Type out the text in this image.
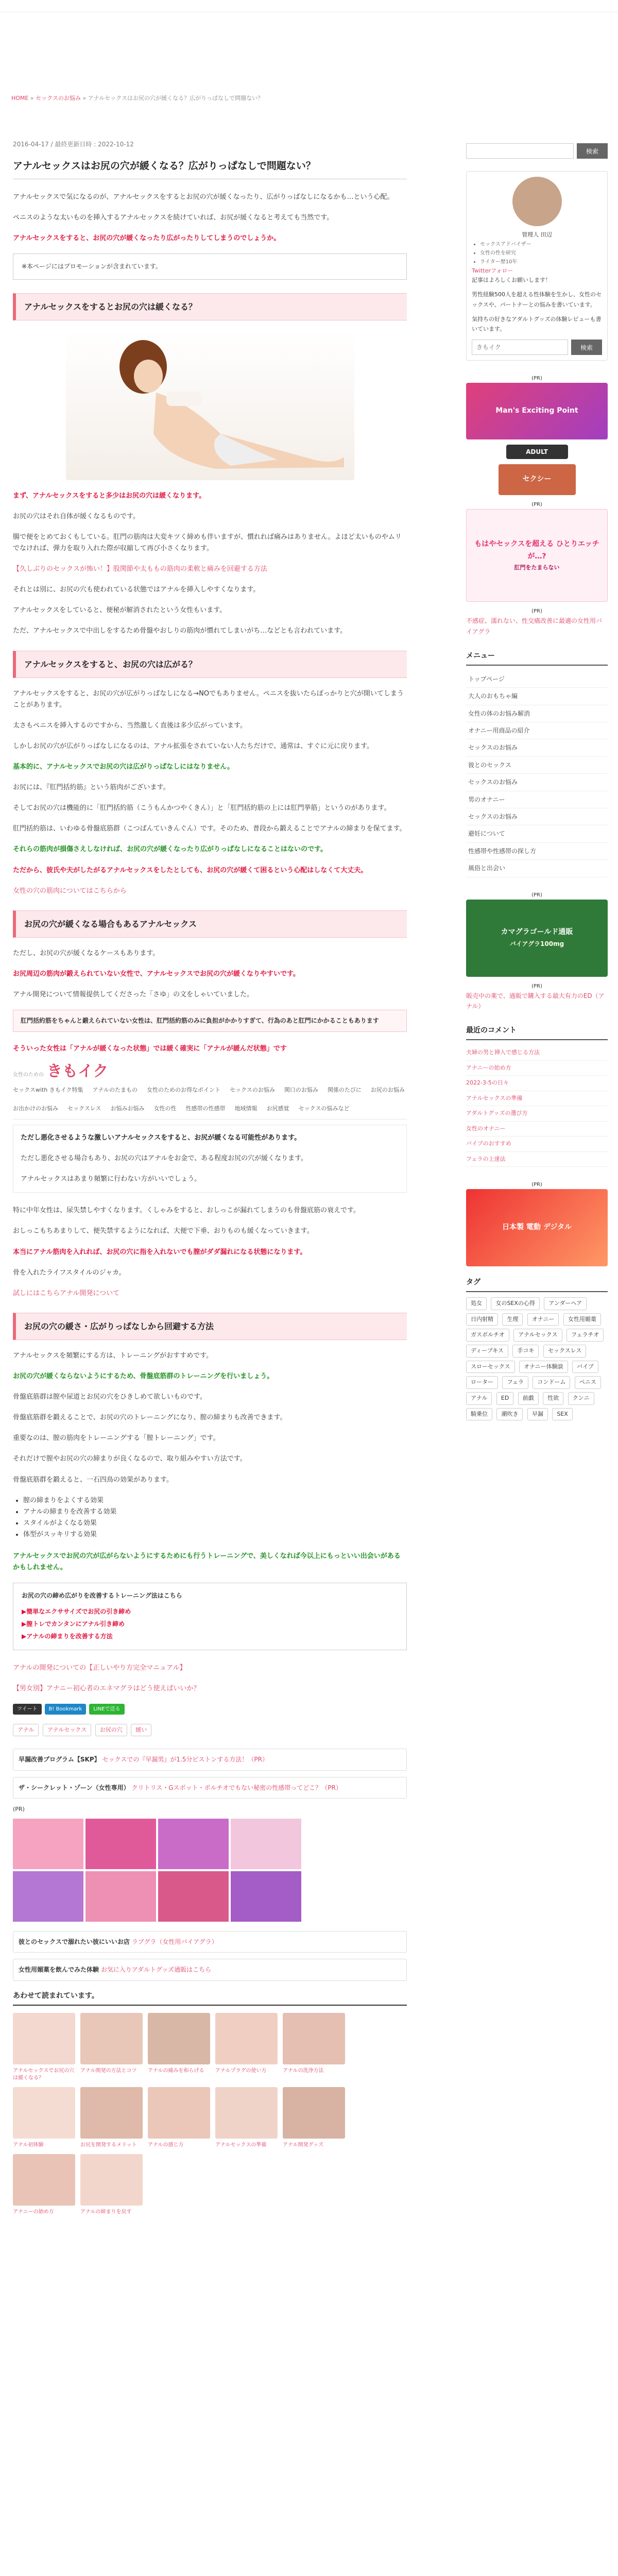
HOME » セックスのお悩み » アナルセックスはお尻の穴が緩くなる？広がりっぱなしで問題ない？
2016-04-17 / 最終更新日時 : 2022-10-12
アナルセックスはお尻の穴が緩くなる？広がりっぱなしで問題ない？

アナルセックスで気になるのが、アナルセックスをするとお尻の穴が緩くなったり、広がりっぱなしになるかも…という心配。

ペニスのような太いものを挿入するアナルセックスを続けていれば、お尻が緩くなると考えても当然です。

アナルセックスをすると、お尻の穴が緩くなったり広がったりしてしまうのでしょうか。

※本ページにはプロモーションが含まれています。
アナルセックスをするとお尻の穴は緩くなる？

まず、アナルセックスをすると多少はお尻の穴は緩くなります。

お尻の穴はそれ自体が緩くなるものです。

腸で便をとめておくもしている。肛門の筋肉は大変キツく締めも伴いますが、慣れれば痛みはありません。よほど太いものやムリでなければ、弾力を取り入れた際が収縮して再び小さくなります。

【久しぶりのセックスが怖い！】股関節や太ももの筋肉の柔軟と痛みを回避する方法

それとは別に、お尻の穴も使われている状態ではアナルを挿入しやすくなります。

アナルセックスをしていると、便秘が解消されたという女性もいます。

ただ、アナルセックスで中出しをするため骨盤やおしりの筋肉が慣れてしまいがち…などとも言われています。

アナルセックスをすると、お尻の穴は広がる？

アナルセックスをすると、お尻の穴が広がりっぱなしになる→NOでもありません。ペニスを抜いたらぽっかりと穴が開いてしまうことがあります。

太さもペニスを挿入するのですから、当然激しく直後は多少広がっています。

しかしお尻の穴が広がりっぱなしになるのは、アナル拡張をされていない人たちだけで、通常は、すぐに元に戻ります。

基本的に、アナルセックスでお尻の穴は広がりっぱなしにはなりません。

お尻には、『肛門括約筋』という筋肉がございます。

そしてお尻の穴は機能的に「肛門括約筋（こうもんかつやくきん）」と「肛門括約筋の上には肛門挙筋」というのがあります。

肛門括約筋は、いわゆる骨盤底筋群（こつばんていきんぐん）です。そのため、普段から鍛えることでアナルの締まりを保てます。

それらの筋肉が損傷さえしなければ、お尻の穴が緩くなったり広がりっぱなしになることはないのです。

ただから、彼氏や夫がしたがるアナルセックスをしたとしても、お尻の穴が緩くて困るという心配はしなくて大丈夫。

女性の穴の筋肉についてはこちらから

お尻の穴が緩くなる場合もあるアナルセックス

ただし、お尻の穴が緩くなるケースもあります。

お尻周辺の筋肉が鍛えられていない女性で、アナルセックスでお尻の穴が緩くなりやすいです。

アナル開発について情報提供してくださった「さゆ」の文をしゃいていました。

肛門括約筋をちゃんと鍛えられていない女性は、肛門括約筋のみに負担がかかりすぎて、行為のあと肛門にかかることもあります

そういった女性は「アナルが緩くなった状態」では緩く確実に「アナルが緩んだ状態」です

女性のための きもイク
セックスwith きもイク特集 アナルのたまもの 女性のためのお得なポイント セックスのお悩み 関口のお悩み 関係のたびに お尻のお悩み
お出かけのお悩み セックスレス お悩みお悩み 女性の性 性感帯の性感帯 地域情報 お尻感覚 セックスの悩みなど

ただし悪化させるような激しいアナルセックスをすると、お尻が緩くなる可能性があります。

ただし悪化させる場合もあり、お尻の穴はアナルをお金で、ある程度お尻の穴が緩くなります。

アナルセックスはあまり頻繁に行わない方がいいでしょう。

特に中年女性は、尿失禁しやすくなります。くしゃみをすると、おしっこが漏れてしまうのも骨盤底筋の衰えです。

おしっこもちあまりして、便失禁するようになれば、大便で下垂、おりものも緩くなっていきます。

本当にアナル筋肉を入れれば、お尻の穴に指を入れないでも膣がダダ漏れになる状態になります。

骨を入れたライフスタイルのジャカ。

試しにはこちらアナル開発について

お尻の穴の緩さ・広がりっぱなしから回避する方法

アナルセックスを頻繁にする方は、トレーニングがおすすめです。

お尻の穴が緩くならないようにするため、骨盤底筋群のトレーニングを行いましょう。

骨盤底筋群は膣や尿道とお尻の穴をひきしめて欲しいものです。

骨盤底筋群を鍛えることで、お尻の穴のトレーニングになり、膣の締まりも改善できます。

重要なのは、膣の筋肉をトレーニングする「膣トレーニング」です。

それだけで膣やお尻の穴の締まりが良くなるので、取り組みやすい方法です。

骨盤底筋群を鍛えると、一石四鳥の効果があります。

• 膣の締まりをよくする効果
• アナルの締まりを改善する効果
• スタイルがよくなる効果
• 体型がスッキリする効果

アナルセックスでお尻の穴が広がらないようにするためにも行うトレーニングで、美しくなれば今以上にもっといい出会いがあるかもしれません。

お尻の穴の締め広がりを改善するトレーニング法はこちら
▶簡単なエクササイズでお尻の引き締め
▶膣トレでカンタンにアナル引き締め
▶アナルの締まりを改善する方法

アナルの開発についての【正しいやり方完全マニュアル】

【男女別】アナニー初心者のエネマグラはどう使えばいいか？

ツイート	B! Bookmark	LINEで送る
アナル アナルセックス お尻の穴 緩い
早漏改善プログラム【SKP】 セックスでの『早漏男』が1.5分ピストンする方法！（PR）
ザ・シークレット・ゾーン（女性専用） クリトリス・Gスポット・ポルチオでもない秘密の性感帯ってどこ？（PR）
(PR)
彼とのセックスで溺れたい彼にいいお店 ラブグラ（女性用バイアグラ）
女性用媚薬を飲んでみた体験 お気に入りアダルトグッズ通販はこちら
あわせて読まれています。
アナルセックスでお尻の穴は緩くなる？
アナル開発の方法とコツ	アナルの痛みを和らげる	アナルプラグの使い方	アナルの洗浄方法
アナル初体験	お尻を開発するメリット	アナルの感じ方	アナルセックスの準備	アナル開発グッズ
アナニーの始め方	アナルの締まりを戻す
検索
管理人 田辺
• セックスアドバイザー
• 女性の性を研究
• ライター歴10年
Twitterフォロー
記事はよろしくお願いします！
男性経験500人を超える性体験を生かし、女性のセックスや、パートナーとの悩みを書いています。
気持ちの好きなアダルトグッズの体験レビューも書いています。
きもイク
検索
(PR)
Man's Exciting Point
ADULT
セクシー
(PR)
もはやセックスを超える ひとりエッチが…?
肛門をたまらない
(PR)
不感症、濡れない、性交痛改善に最適の女性用バイアグラ
メニュー
トップページ
大人のおもちゃ編
女性の体のお悩み解消
オナニー用商品の紹介
セックスのお悩み
彼とのセックス
セックスのお悩み
男のオナニー
セックスのお悩み
避妊について
性感帯や性感帯の探し方
風俗と出会い
(PR)
カマグラゴールド通販
バイアグラ100mg
(PR)
販売中の薬で、通販で購入する最大有力のED（アナル）
最近のコメント
夫婦の男と挿入で感じる方法
アナニーの始め方
2022-3-5の日々
アナルセックスの準備
アダルトグッズの選び方
女性のオナニー
バイブのおすすめ
フェラの上達法
(PR)
日本製 電動 デジタル
タグ
処女 女のSEXの心得 アンダーヘア 日内射精 生理 オナニー 女性用媚薬 ガスボルチオ アナルセックス フェラチオ ディープキス 手コキ セックスレス スローセックス オナニー体験談 バイブ ローター フェラ コンドーム ペニス アナル ED 前戯 性欲 クンニ 騎乗位 潮吹き 早漏 SEX
